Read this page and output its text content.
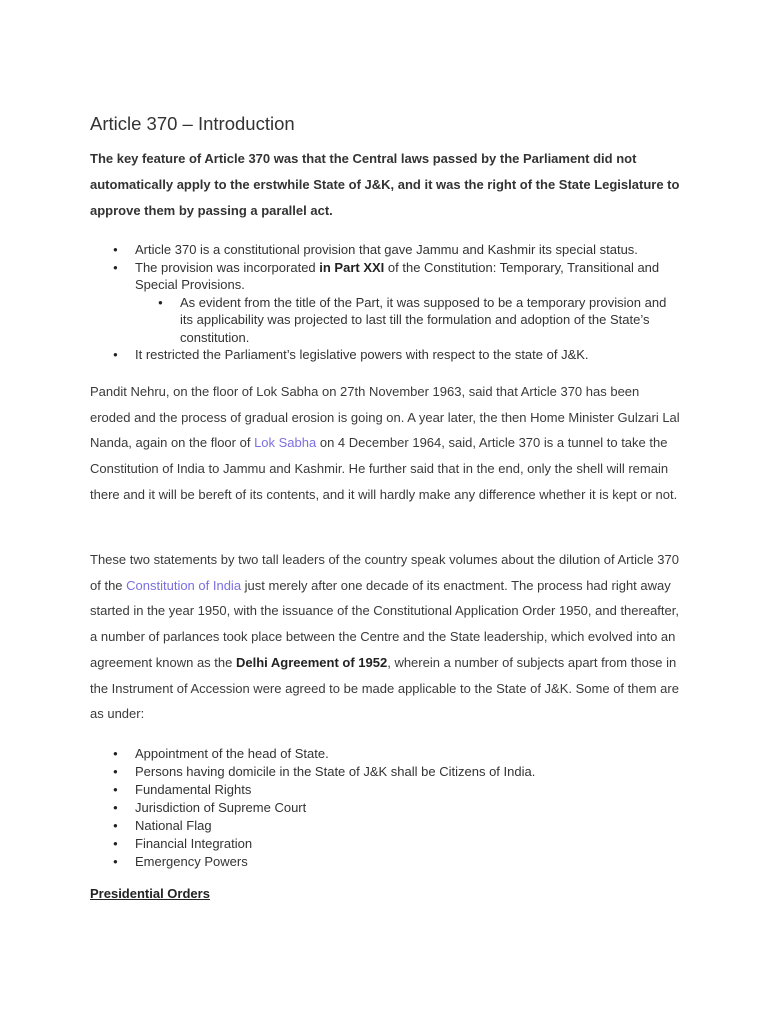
Article 370 – Introduction

The key feature of Article 370 was that the Central laws passed by the Parliament did not automatically apply to the erstwhile State of J&K, and it was the right of the State Legislature to approve them by passing a parallel act.

● Article 370 is a constitutional provision that gave Jammu and Kashmir its special status.
● The provision was incorporated in Part XXI of the Constitution: Temporary, Transitional and Special Provisions.
● As evident from the title of the Part, it was supposed to be a temporary provision and its applicability was projected to last till the formulation and adoption of the State’s constitution.
● It restricted the Parliament’s legislative powers with respect to the state of J&K.

Pandit Nehru, on the floor of Lok Sabha on 27th November 1963, said that Article 370 has been eroded and the process of gradual erosion is going on. A year later, the then Home Minister Gulzari Lal Nanda, again on the floor of Lok Sabha on 4 December 1964, said, Article 370 is a tunnel to take the Constitution of India to Jammu and Kashmir. He further said that in the end, only the shell will remain there and it will be bereft of its contents, and it will hardly make any difference whether it is kept or not.

These two statements by two tall leaders of the country speak volumes about the dilution of Article 370 of the Constitution of India just merely after one decade of its enactment. The process had right away started in the year 1950, with the issuance of the Constitutional Application Order 1950, and thereafter, a number of parlances took place between the Centre and the State leadership, which evolved into an agreement known as the Delhi Agreement of 1952, wherein a number of subjects apart from those in the Instrument of Accession were agreed to be made applicable to the State of J&K. Some of them are as under:

● Appointment of the head of State.
● Persons having domicile in the State of J&K shall be Citizens of India.
● Fundamental Rights
● Jurisdiction of Supreme Court
● National Flag
● Financial Integration
● Emergency Powers

Presidential Orders
